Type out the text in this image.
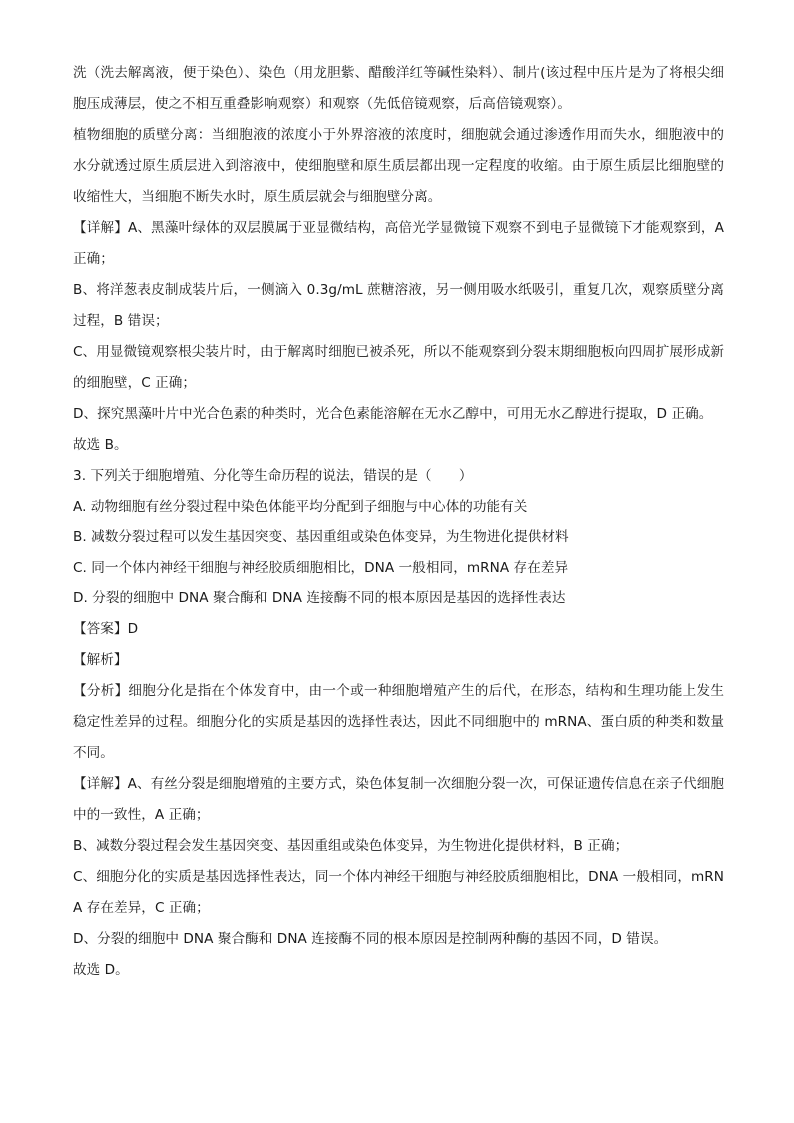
洗（洗去解离液，便于染色）、染色（用龙胆紫、醋酸洋红等碱性染料）、制片(该过程中压片是为了将根尖细胞压成薄层，使之不相互重叠影响观察）和观察（先低倍镜观察，后高倍镜观察）。

植物细胞的质壁分离：当细胞液的浓度小于外界溶液的浓度时，细胞就会通过渗透作用而失水，细胞液中的水分就透过原生质层进入到溶液中，使细胞壁和原生质层都出现一定程度的收缩。由于原生质层比细胞壁的收缩性大，当细胞不断失水时，原生质层就会与细胞壁分离。

【详解】A、黑藻叶绿体的双层膜属于亚显微结构，高倍光学显微镜下观察不到电子显微镜下才能观察到，A 正确；

B、将洋葱表皮制成装片后，一侧滴入 0.3g/mL 蔗糖溶液，另一侧用吸水纸吸引，重复几次，观察质壁分离过程，B 错误；

C、用显微镜观察根尖装片时，由于解离时细胞已被杀死，所以不能观察到分裂末期细胞板向四周扩展形成新的细胞壁，C 正确；

D、探究黑藻叶片中光合色素的种类时，光合色素能溶解在无水乙醇中，可用无水乙醇进行提取，D 正确。

故选 B。

3. 下列关于细胞增殖、分化等生命历程的说法，错误的是（　　）

A. 动物细胞有丝分裂过程中染色体能平均分配到子细胞与中心体的功能有关

B. 减数分裂过程可以发生基因突变、基因重组或染色体变异，为生物进化提供材料

C. 同一个体内神经干细胞与神经胶质细胞相比，DNA 一般相同，mRNA 存在差异

D. 分裂的细胞中 DNA 聚合酶和 DNA 连接酶不同的根本原因是基因的选择性表达

【答案】D

【解析】

【分析】细胞分化是指在个体发育中，由一个或一种细胞增殖产生的后代，在形态，结构和生理功能上发生稳定性差异的过程。细胞分化的实质是基因的选择性表达，因此不同细胞中的 mRNA、蛋白质的种类和数量不同。

【详解】A、有丝分裂是细胞增殖的主要方式，染色体复制一次细胞分裂一次，可保证遗传信息在亲子代细胞中的一致性，A 正确；

B、减数分裂过程会发生基因突变、基因重组或染色体变异，为生物进化提供材料，B 正确；

C、细胞分化的实质是基因选择性表达，同一个体内神经干细胞与神经胶质细胞相比，DNA 一般相同，mRNA 存在差异，C 正确；

D、分裂的细胞中 DNA 聚合酶和 DNA 连接酶不同的根本原因是控制两种酶的基因不同，D 错误。

故选 D。
